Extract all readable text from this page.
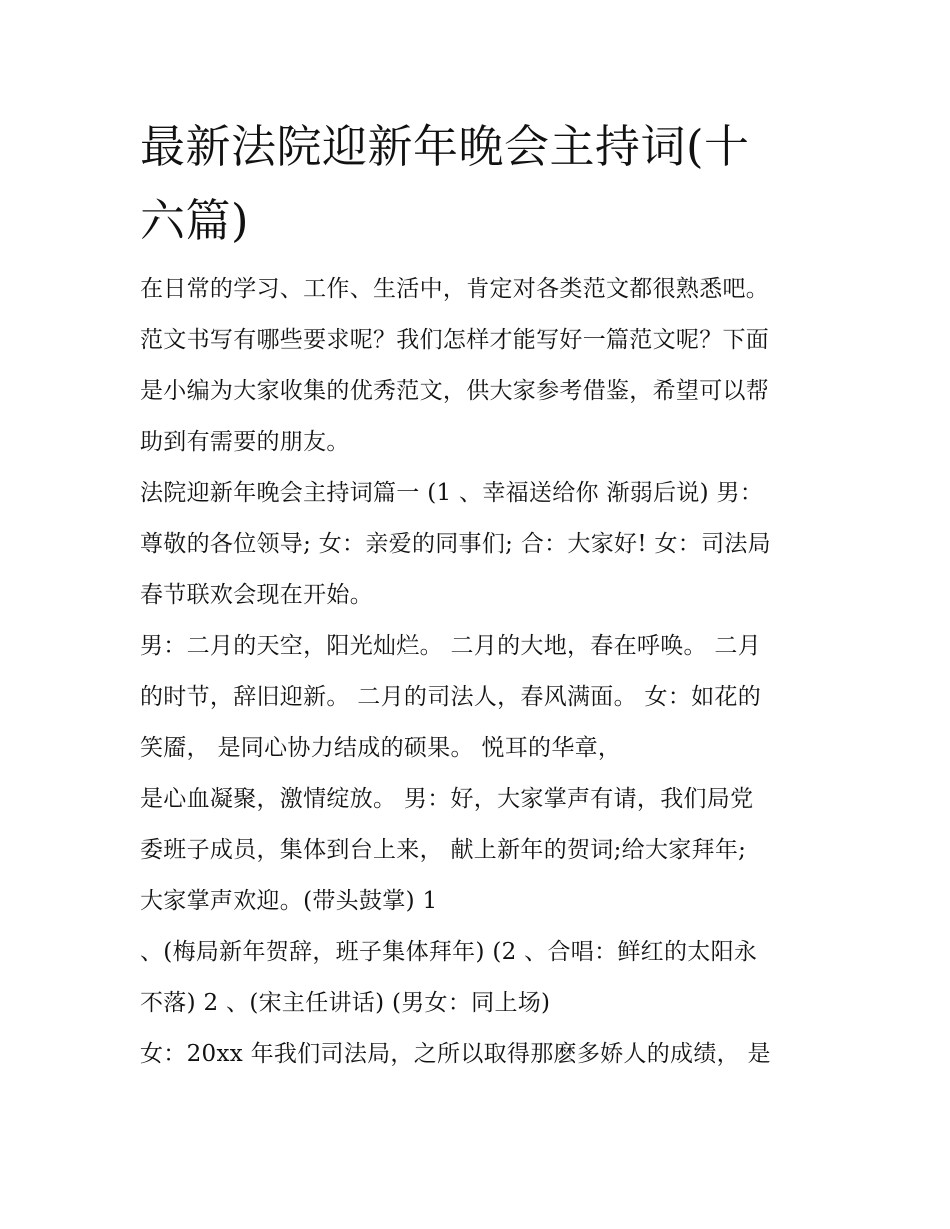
最新法院迎新年晚会主持词(十
六篇)
在日常的学习、工作、生活中，肯定对各类范文都很熟悉吧。
范文书写有哪些要求呢？我们怎样才能写好一篇范文呢？下面
是小编为大家收集的优秀范文，供大家参考借鉴，希望可以帮
助到有需要的朋友。
法院迎新年晚会主持词篇一 (1 、幸福送给你 渐弱后说) 男：
尊敬的各位领导; 女：亲爱的同事们; 合：大家好! 女：司法局
春节联欢会现在开始。
男：二月的天空，阳光灿烂。 二月的大地，春在呼唤。 二月
的时节，辞旧迎新。 二月的司法人，春风满面。 女：如花的
笑靥， 是同心协力结成的硕果。 悦耳的华章，
是心血凝聚，激情绽放。 男：好，大家掌声有请，我们局党
委班子成员，集体到台上来， 献上新年的贺词;给大家拜年;
大家掌声欢迎。(带头鼓掌) 1
、(梅局新年贺辞，班子集体拜年) (2 、合唱：鲜红的太阳永
不落) 2 、(宋主任讲话) (男女：同上场)
女：20xx 年我们司法局，之所以取得那麽多娇人的成绩， 是
